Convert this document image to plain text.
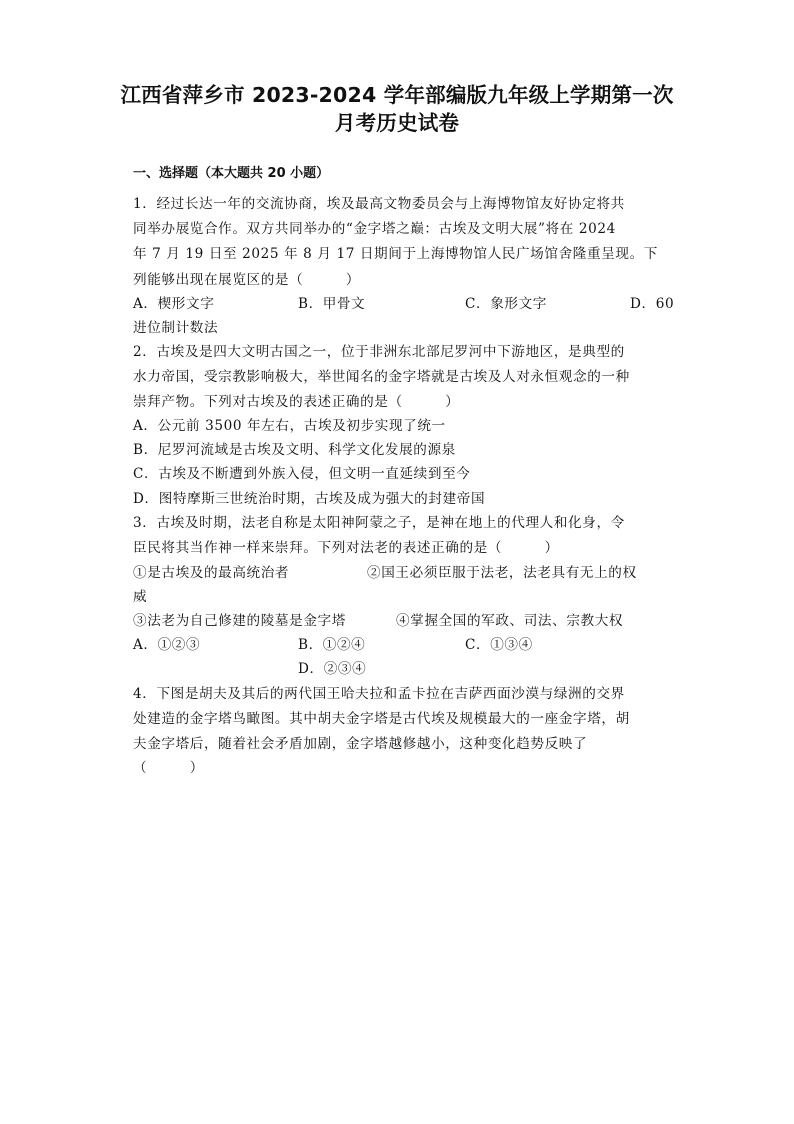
江西省萍乡市 2023-2024 学年部编版九年级上学期第一次
月考历史试卷
一、选择题（本大题共 20 小题）
1．经过长达一年的交流协商，埃及最高文物委员会与上海博物馆友好协定将共
同举办展览合作。双方共同举办的“金字塔之巅：古埃及文明大展”将在 2024
年 7 月 19 日至 2025 年 8 月 17 日期间于上海博物馆人民广场馆舍隆重呈现。下
列能够出现在展览区的是（　　　）
A．楔形文字	B．甲骨文	C．象形文字	D．60
进位制计数法
2．古埃及是四大文明古国之一，位于非洲东北部尼罗河中下游地区，是典型的
水力帝国，受宗教影响极大，举世闻名的金字塔就是古埃及人对永恒观念的一种
崇拜产物。下列对古埃及的表述正确的是（　　　）
A．公元前 3500 年左右，古埃及初步实现了统一
B．尼罗河流域是古埃及文明、科学文化发展的源泉
C．古埃及不断遭到外族入侵，但文明一直延续到至今
D．图特摩斯三世统治时期，古埃及成为强大的封建帝国
3．古埃及时期，法老自称是太阳神阿蒙之子，是神在地上的代理人和化身，令
臣民将其当作神一样来崇拜。下列对法老的表述正确的是（　　　）
①是古埃及的最高统治者	②国王必须臣服于法老，法老具有无上的权
威
③法老为自己修建的陵墓是金字塔	④掌握全国的军政、司法、宗教大权
A．①②③	B．①②④	C．①③④
D．②③④
4．下图是胡夫及其后的两代国王哈夫拉和孟卡拉在吉萨西面沙漠与绿洲的交界
处建造的金字塔鸟瞰图。其中胡夫金字塔是古代埃及规模最大的一座金字塔，胡
夫金字塔后，随着社会矛盾加剧，金字塔越修越小，这种变化趋势反映了
（　　　）
